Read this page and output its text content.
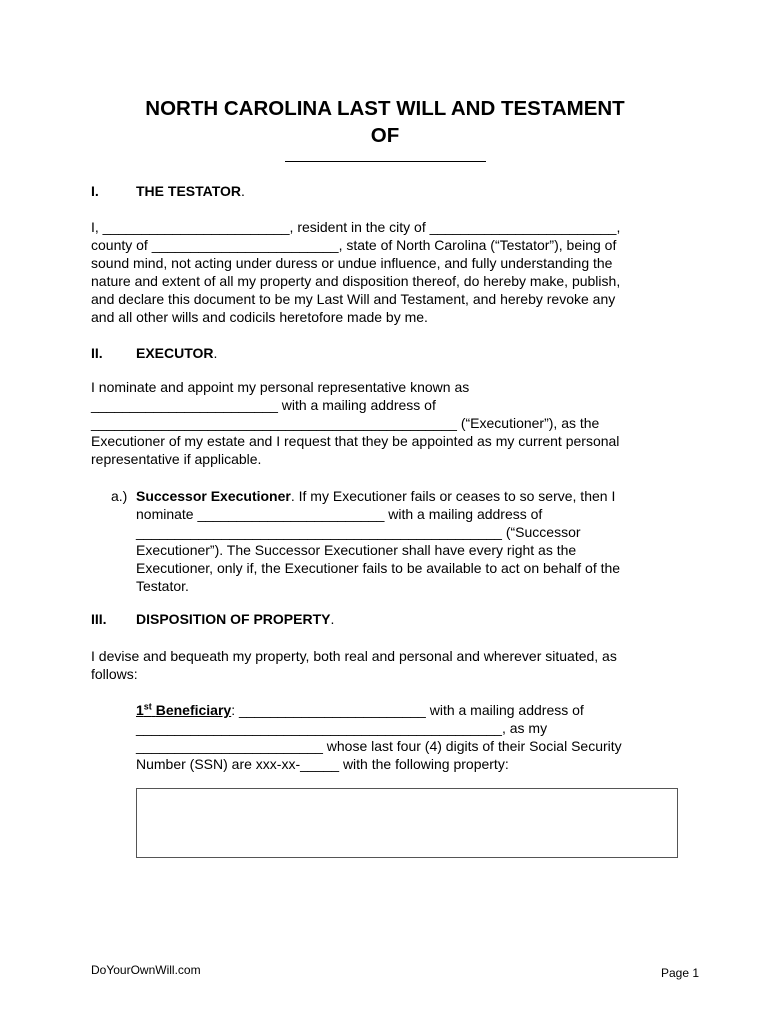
NORTH CAROLINA LAST WILL AND TESTAMENT
OF
I.	THE TESTATOR.
I, ________________________, resident in the city of ________________________,
county of ________________________, state of North Carolina (“Testator”), being of
sound mind, not acting under duress or undue influence, and fully understanding the
nature and extent of all my property and disposition thereof, do hereby make, publish,
and declare this document to be my Last Will and Testament, and hereby revoke any
and all other wills and codicils heretofore made by me.
II. EXECUTOR.
I nominate and appoint my personal representative known as
________________________ with a mailing address of
_______________________________________________ (“Executioner”), as the
Executioner of my estate and I request that they be appointed as my current personal
representative if applicable.
a.) Successor Executioner. If my Executioner fails or ceases to so serve, then I
nominate ________________________ with a mailing address of
_______________________________________________ (“Successor
Executioner”). The Successor Executioner shall have every right as the
Executioner, only if, the Executioner fails to be available to act on behalf of the
Testator.
III. DISPOSITION OF PROPERTY.
I devise and bequeath my property, both real and personal and wherever situated, as
follows:
1st Beneficiary: ________________________ with a mailing address of
_______________________________________________, as my
________________________ whose last four (4) digits of their Social Security
Number (SSN) are xxx-xx-_____ with the following property:
DoYourOwnWill.com	Page 1
